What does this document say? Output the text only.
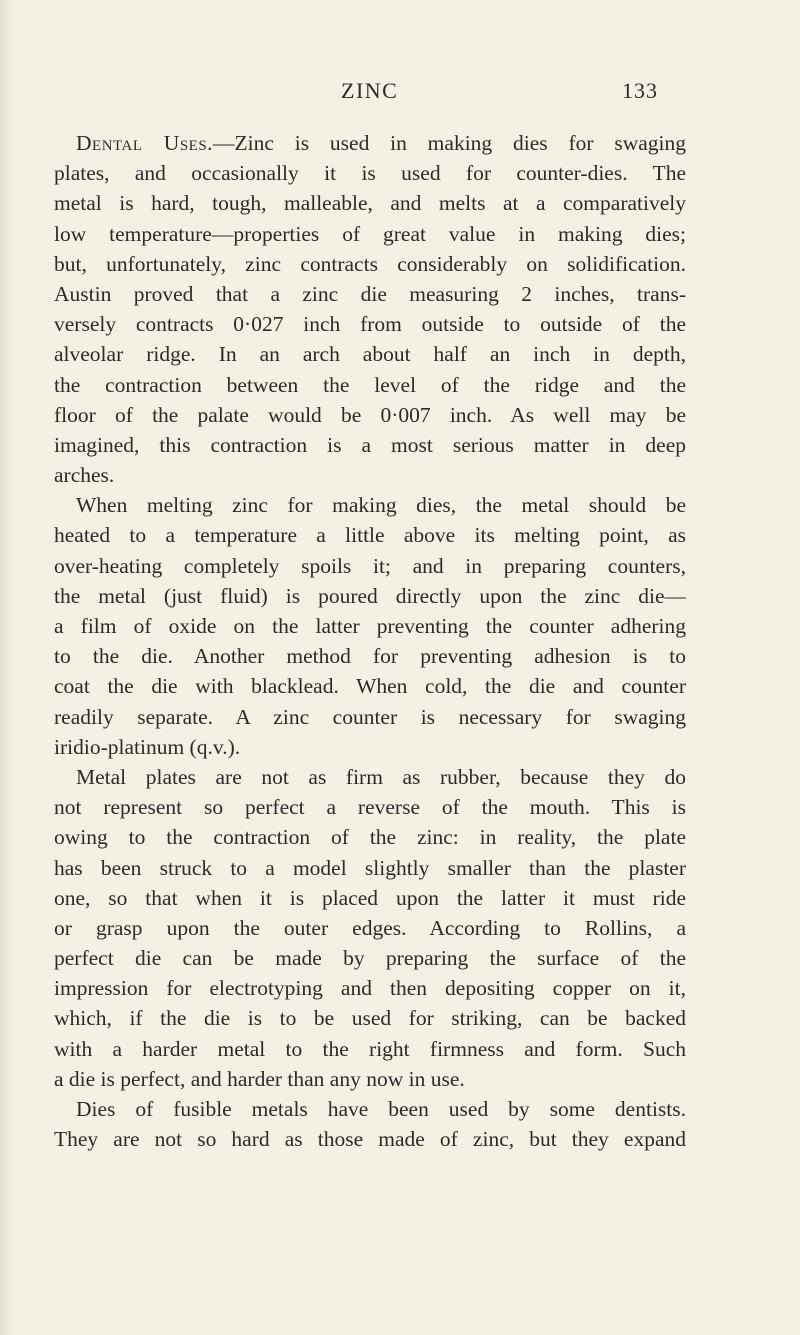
ZINC	133
Dental Uses.—Zinc is used in making dies for swaging
plates, and occasionally it is used for counter-dies. The
metal is hard, tough, malleable, and melts at a comparatively
low temperature—properties of great value in making dies;
but, unfortunately, zinc contracts considerably on solidification.
Austin proved that a zinc die measuring 2 inches, trans-
versely contracts 0·027 inch from outside to outside of the
alveolar ridge. In an arch about half an inch in depth,
the contraction between the level of the ridge and the
floor of the palate would be 0·007 inch. As well may be
imagined, this contraction is a most serious matter in deep
arches.
When melting zinc for making dies, the metal should be
heated to a temperature a little above its melting point, as
over-heating completely spoils it; and in preparing counters,
the metal (just fluid) is poured directly upon the zinc die—
a film of oxide on the latter preventing the counter adhering
to the die. Another method for preventing adhesion is to
coat the die with blacklead. When cold, the die and counter
readily separate. A zinc counter is necessary for swaging
iridio-platinum (q.v.).
Metal plates are not as firm as rubber, because they do
not represent so perfect a reverse of the mouth. This is
owing to the contraction of the zinc: in reality, the plate
has been struck to a model slightly smaller than the plaster
one, so that when it is placed upon the latter it must ride
or grasp upon the outer edges. According to Rollins, a
perfect die can be made by preparing the surface of the
impression for electrotyping and then depositing copper on it,
which, if the die is to be used for striking, can be backed
with a harder metal to the right firmness and form. Such
a die is perfect, and harder than any now in use.
Dies of fusible metals have been used by some dentists.
They are not so hard as those made of zinc, but they expand
